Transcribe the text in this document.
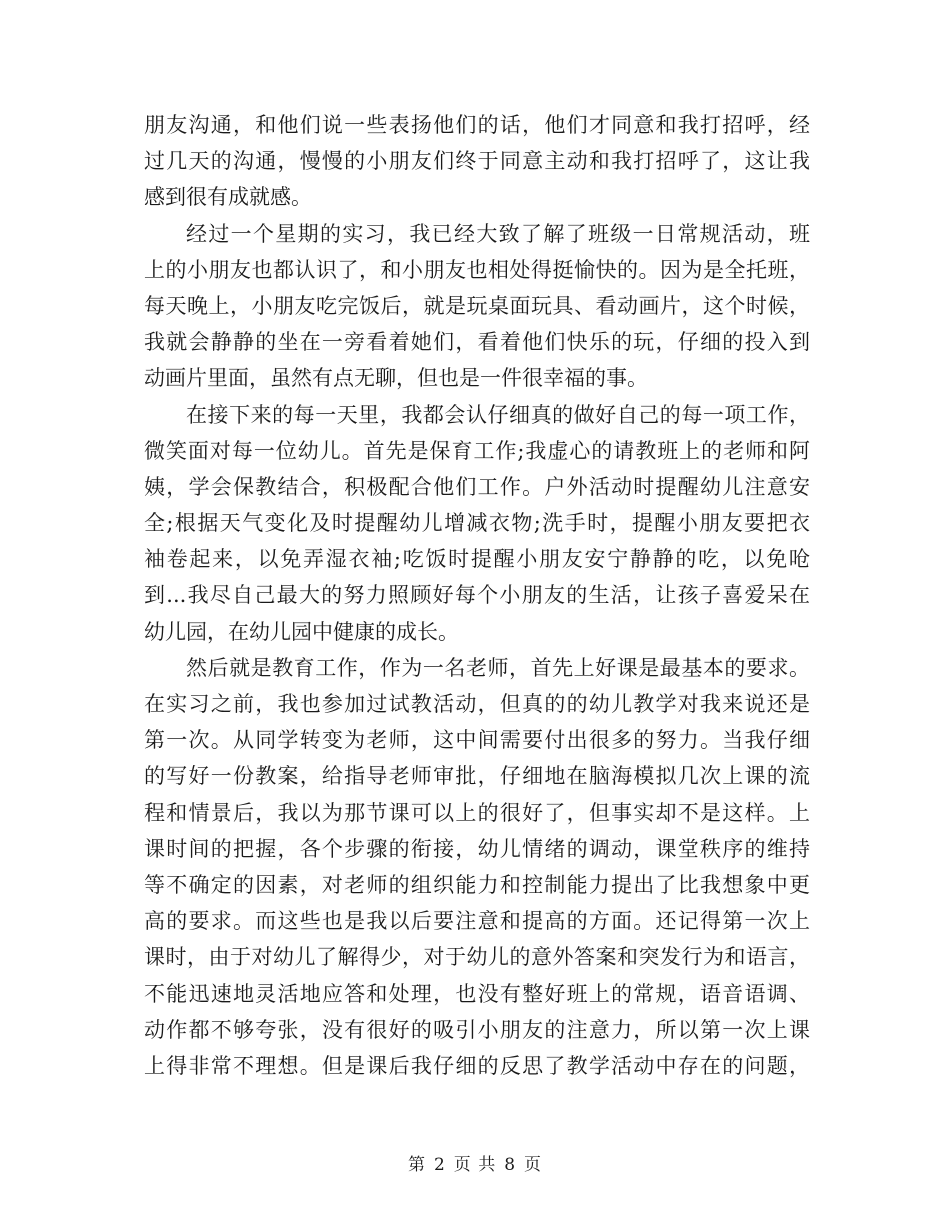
朋友沟通，和他们说一些表扬他们的话，他们才同意和我打招呼，经
过几天的沟通，慢慢的小朋友们终于同意主动和我打招呼了，这让我
感到很有成就感。
经过一个星期的实习，我已经大致了解了班级一日常规活动，班
上的小朋友也都认识了，和小朋友也相处得挺愉快的。因为是全托班，
每天晚上，小朋友吃完饭后，就是玩桌面玩具、看动画片，这个时候，
我就会静静的坐在一旁看着她们，看着他们快乐的玩，仔细的投入到
动画片里面，虽然有点无聊，但也是一件很幸福的事。
在接下来的每一天里，我都会认仔细真的做好自己的每一项工作，
微笑面对每一位幼儿。首先是保育工作;我虚心的请教班上的老师和阿
姨，学会保教结合，积极配合他们工作。户外活动时提醒幼儿注意安
全;根据天气变化及时提醒幼儿增减衣物;洗手时，提醒小朋友要把衣
袖卷起来，以免弄湿衣袖;吃饭时提醒小朋友安宁静静的吃，以免呛
到...我尽自己最大的努力照顾好每个小朋友的生活，让孩子喜爱呆在
幼儿园，在幼儿园中健康的成长。
然后就是教育工作，作为一名老师，首先上好课是最基本的要求。
在实习之前，我也参加过试教活动，但真的的幼儿教学对我来说还是
第一次。从同学转变为老师，这中间需要付出很多的努力。当我仔细
的写好一份教案，给指导老师审批，仔细地在脑海模拟几次上课的流
程和情景后，我以为那节课可以上的很好了，但事实却不是这样。上
课时间的把握，各个步骤的衔接，幼儿情绪的调动，课堂秩序的维持
等不确定的因素，对老师的组织能力和控制能力提出了比我想象中更
高的要求。而这些也是我以后要注意和提高的方面。还记得第一次上
课时，由于对幼儿了解得少，对于幼儿的意外答案和突发行为和语言，
不能迅速地灵活地应答和处理，也没有整好班上的常规，语音语调、
动作都不够夸张，没有很好的吸引小朋友的注意力，所以第一次上课
上得非常不理想。但是课后我仔细的反思了教学活动中存在的问题，
第 2 页 共 8 页
